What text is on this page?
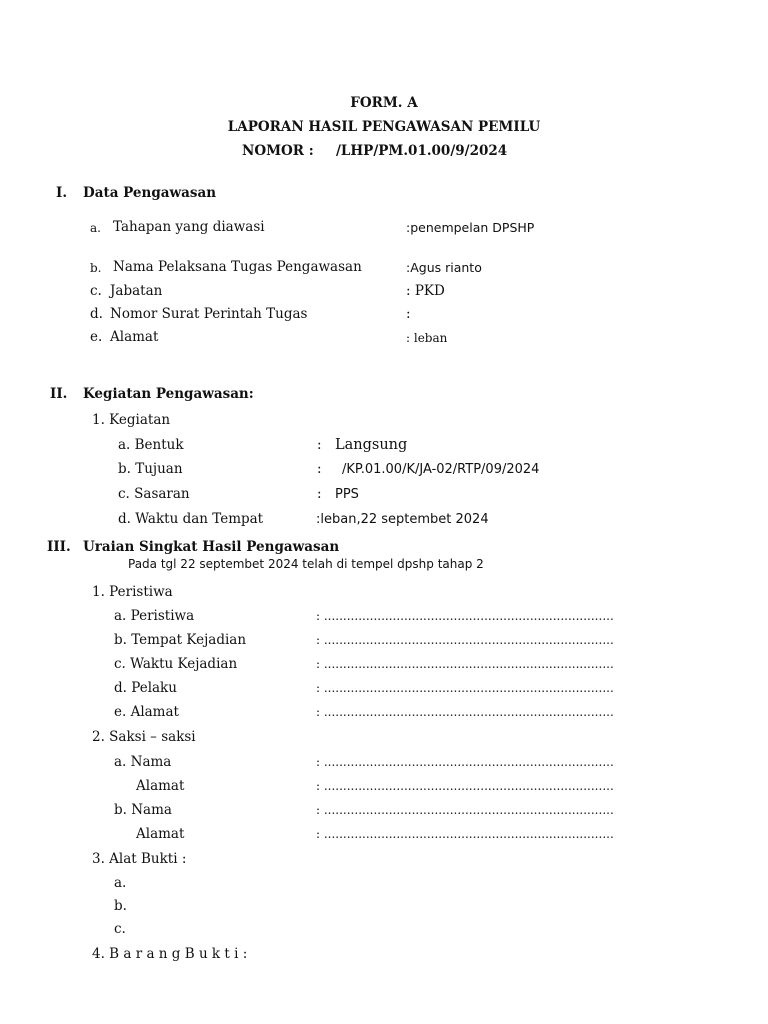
FORM. A
LAPORAN HASIL PENGAWASAN PEMILU
NOMOR : /LHP/PM.01.00/9/2024
I. Data Pengawasan
a. Tahapan yang diawasi	:penempelan DPSHP
b. Nama Pelaksana Tugas Pengawasan	:Agus rianto
c. Jabatan	: PKD
d. Nomor Surat Perintah Tugas	:
e. Alamat	: leban
II. Kegiatan Pengawasan:
1. Kegiatan
a. Bentuk	: Langsung
b. Tujuan	: /KP.01.00/K/JA-02/RTP/09/2024
c. Sasaran	: PPS
d. Waktu dan Tempat	:leban,22 septembet 2024
III. Uraian Singkat Hasil Pengawasan
Pada tgl 22 septembet 2024 telah di tempel dpshp tahap 2
1. Peristiwa
a. Peristiwa	: ............................................................................
b. Tempat Kejadian	: ............................................................................
c. Waktu Kejadian	: ............................................................................
d. Pelaku	: ............................................................................
e. Alamat	: ............................................................................
2. Saksi – saksi
a. Nama	: ............................................................................
Alamat	: ............................................................................
b. Nama	: ............................................................................
Alamat	: ............................................................................
3. Alat Bukti :
a.
b.
c.
4. B a r a n g B u k t i :
